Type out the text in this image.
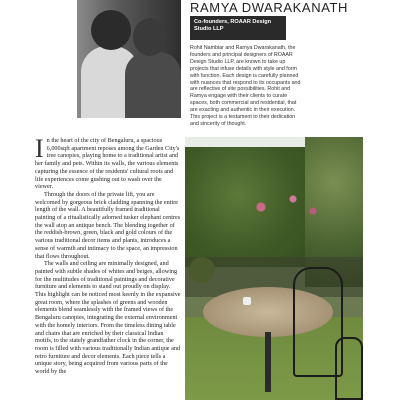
RAMYA DWARAKANATH
Co-founders, ROAAR Design Studio LLP
Rohit Nambiar and Ramya Dwarakanath, the founders and principal designers of ROAAR Design Studio LLP, are known to take up projects that infuse details with style and form with function. Each design is carefully planned with nuances that respond to its occupants and are reflective of site possibilities. Rohit and Ramya engage with their clients to curate spaces, both commercial and residential, that are exacting and authentic in their execution. This project is a testament to their dedication and sincerity of thought.
I n the heart of the city of Bengaluru, a spacious 6,000sqft apartment reposes among the Garden City's tree canopies, playing home to a traditional artist and her family and pets. Within its walls, the various elements capturing the essence of the residents' cultural roots and life experiences come gushing out to wash over the viewer.

Through the doors of the private lift, you are welcomed by gorgeous brick cladding spanning the entire length of the wall. A beautifully framed traditional painting of a ritualistically adorned tusker elephant centres the wall atop an antique bench. The blending together of the reddish-brown, green, black and gold colours of the various traditional decor items and plants, introduces a sense of warmth and intimacy to the space, an impression that flows throughout.

The walls and ceiling are minimally designed, and painted with subtle shades of whites and beiges, allowing for the multitudes of traditional paintings and decorative furniture and elements to stand out proudly on display. This highlight can be noticed most keenly in the expansive great room, where the splashes of greens and wooden elements blend seamlessly with the framed views of the Bengaluru canopies, integrating the external environment with the homely interiors. From the timeless dining table and chairs that are enriched by their classical Indian motifs, to the stately grandfather clock in the corner, the room is filled with various traditionally Indian antique and retro furniture and decor elements. Each piece tells a unique story, being acquired from various parts of the world by the
